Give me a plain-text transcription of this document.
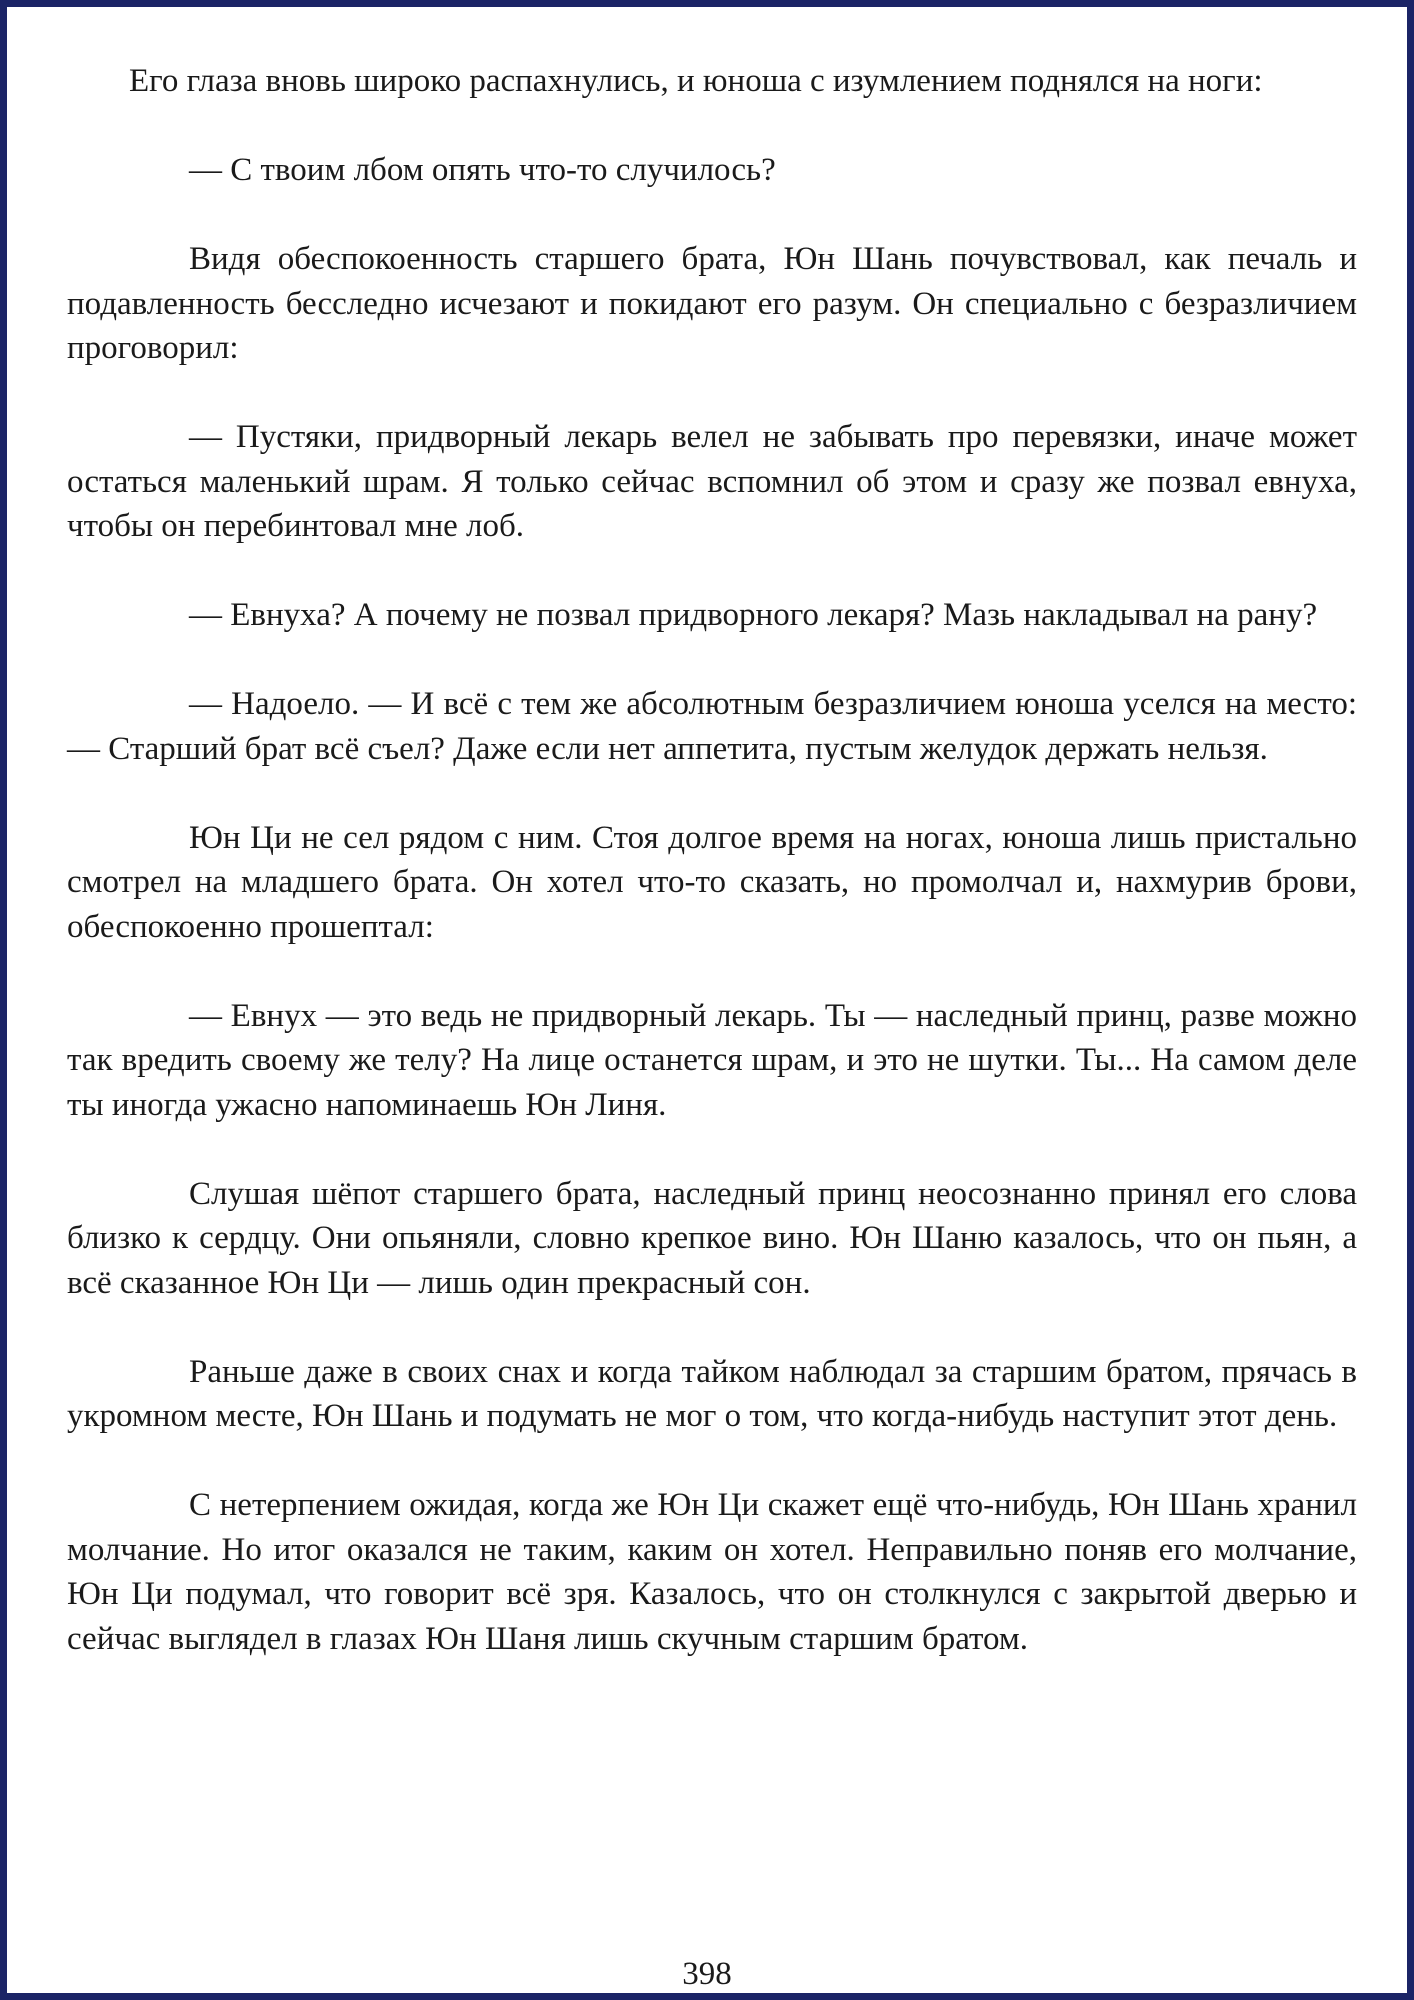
Его глаза вновь широко распахнулись, и юноша с изумлением поднялся на ноги:

— С твоим лбом опять что-то случилось?

Видя обеспокоенность старшего брата, Юн Шань почувствовал, как печаль и подавленность бесследно исчезают и покидают его разум. Он специально с безразличием проговорил:

— Пустяки, придворный лекарь велел не забывать про перевязки, иначе может остаться маленький шрам. Я только сейчас вспомнил об этом и сразу же позвал евнуха, чтобы он перебинтовал мне лоб.

— Евнуха? А почему не позвал придворного лекаря? Мазь накладывал на рану?

— Надоело. — И всё с тем же абсолютным безразличием юноша уселся на место: — Старший брат всё съел? Даже если нет аппетита, пустым желудок держать нельзя.

Юн Ци не сел рядом с ним. Стоя долгое время на ногах, юноша лишь пристально смотрел на младшего брата. Он хотел что-то сказать, но промолчал и, нахмурив брови, обеспокоенно прошептал:

— Евнух — это ведь не придворный лекарь. Ты — наследный принц, разве можно так вредить своему же телу? На лице останется шрам, и это не шутки. Ты... На самом деле ты иногда ужасно напоминаешь Юн Линя.

Слушая шёпот старшего брата, наследный принц неосознанно принял его слова близко к сердцу. Они опьяняли, словно крепкое вино. Юн Шаню казалось, что он пьян, а всё сказанное Юн Ци — лишь один прекрасный сон.

Раньше даже в своих снах и когда тайком наблюдал за старшим братом, прячась в укромном месте, Юн Шань и подумать не мог о том, что когда-нибудь наступит этот день.

С нетерпением ожидая, когда же Юн Ци скажет ещё что-нибудь, Юн Шань хранил молчание. Но итог оказался не таким, каким он хотел. Неправильно поняв его молчание, Юн Ци подумал, что говорит всё зря. Казалось, что он столкнулся с закрытой дверью и сейчас выглядел в глазах Юн Шаня лишь скучным старшим братом.

398
